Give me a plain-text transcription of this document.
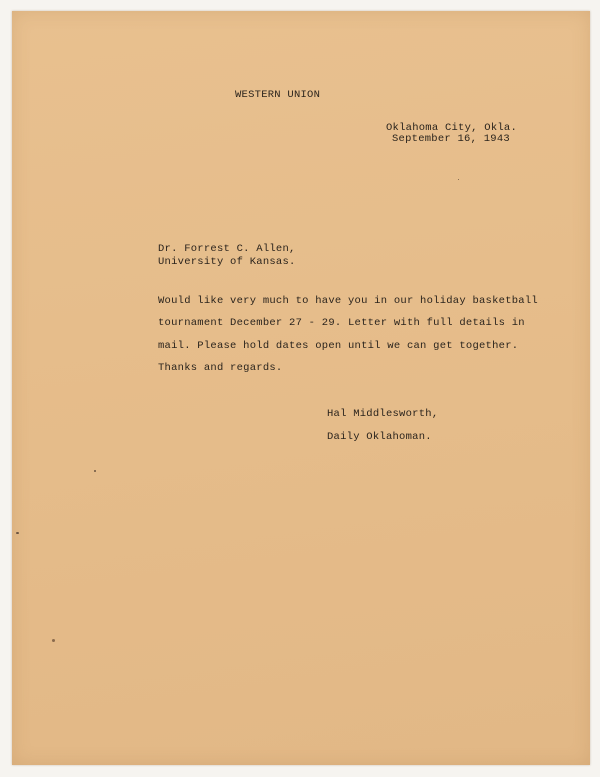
WESTERN UNION
Oklahoma City, Okla.
September 16, 1943
Dr. Forrest C. Allen,
University of Kansas.
Would like very much to have you in our holiday basketball
tournament December 27 - 29. Letter with full details in
mail. Please hold dates open until we can get together.
Thanks and regards.
Hal Middlesworth,
Daily Oklahoman.
